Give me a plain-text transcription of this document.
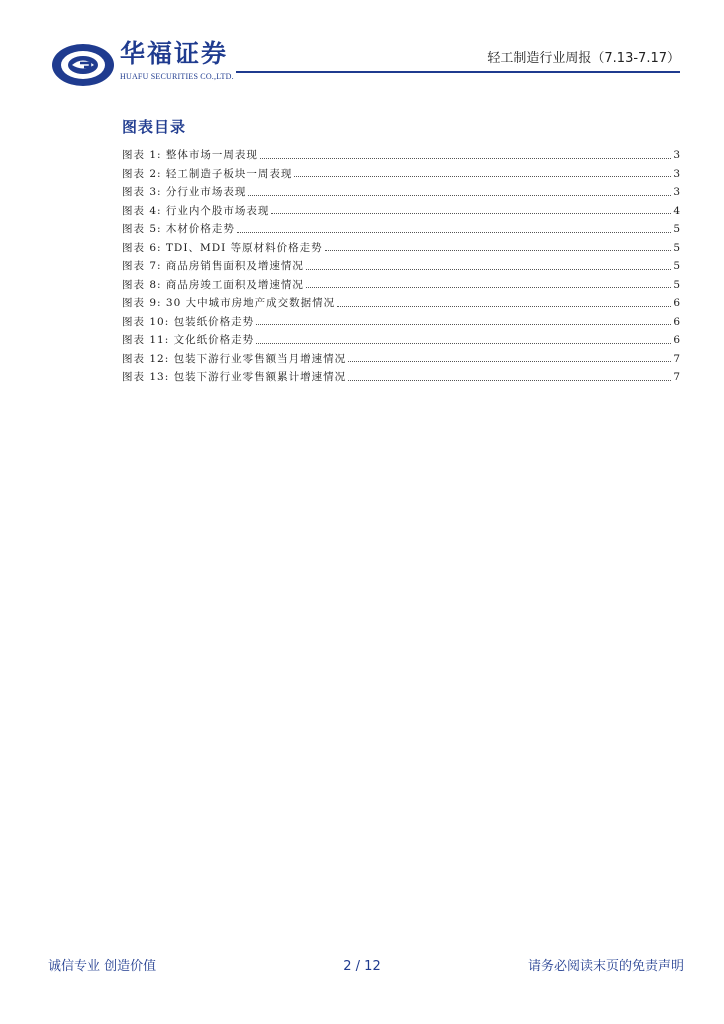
华福证券
HUAFU SECURITIES CO.,LTD.
轻工制造行业周报（7.13-7.17）
图表目录
图表 1: 整体市场一周表现	3
图表 2: 轻工制造子板块一周表现	3
图表 3: 分行业市场表现	3
图表 4: 行业内个股市场表现	4
图表 5: 木材价格走势	5
图表 6: TDI、MDI 等原材料价格走势	5
图表 7: 商品房销售面积及增速情况	5
图表 8: 商品房竣工面积及增速情况	5
图表 9: 30 大中城市房地产成交数据情况	6
图表 10: 包装纸价格走势	6
图表 11: 文化纸价格走势	6
图表 12: 包装下游行业零售额当月增速情况	7
图表 13: 包装下游行业零售额累计增速情况	7
诚信专业 创造价值	2 / 12	请务必阅读末页的免责声明
